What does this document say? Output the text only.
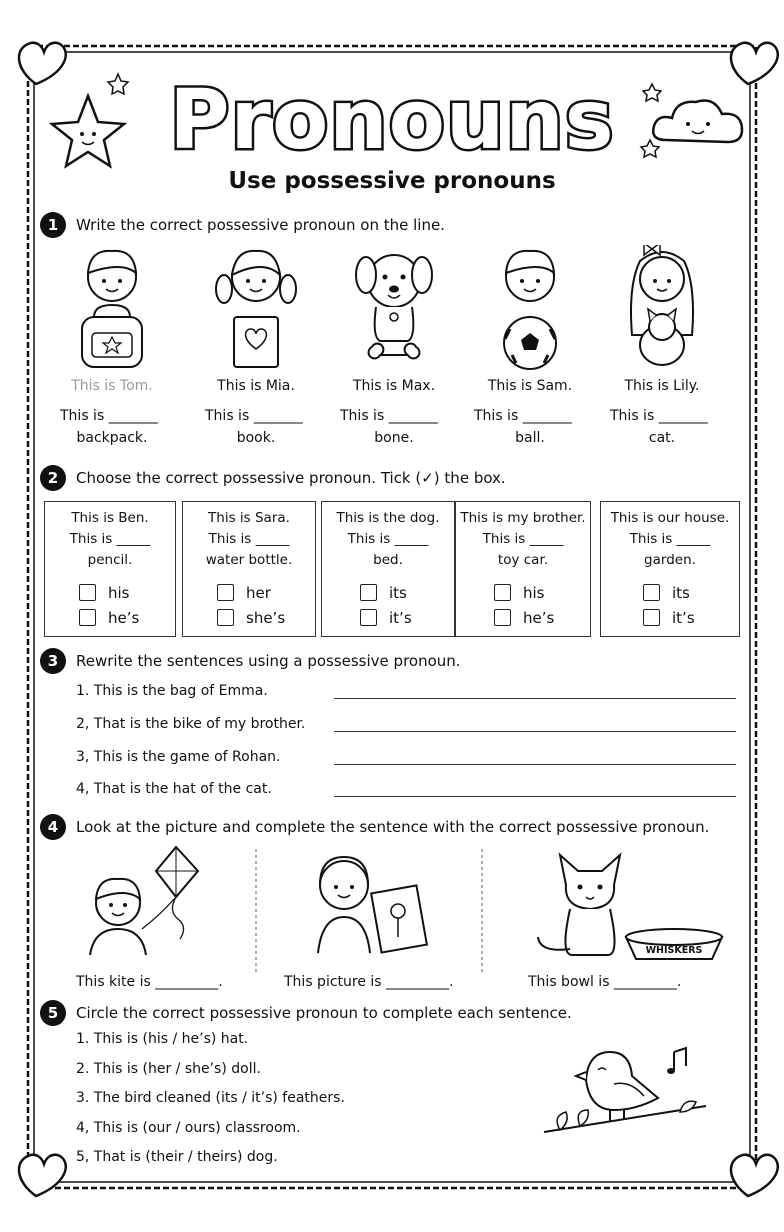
Pronouns
Use possessive pronouns
1	Write the correct possessive pronoun on the line.
This is Tom.	This is Mia.	This is Max.	This is Sam.	This is Lily.
This is _______	This is _______	This is _______	This is _______	This is _______
backpack.	book.	bone.	ball.	cat.
2	Choose the correct possessive pronoun. Tick (✓) the box.
This is Ben.
This is _____
pencil.
his
he’s
This is Sara.
This is _____
water bottle.
her
she’s
This is the dog.
This is _____
bed.
its
it’s
This is my brother.
This is _____
toy car.
his
he’s
This is our house.
This is _____
garden.
its
it’s
3	Rewrite the sentences using a possessive pronoun.
1. This is the bag of Emma.
2, That is the bike of my brother.
3, This is the game of Rohan.
4, That is the hat of the cat.
4	Look at the picture and complete the sentence with the correct possessive pronoun.
WHISKERS
This kite is _________.	This picture is _________.	This bowl is _________.
5	Circle the correct possessive pronoun to complete each sentence.
1. This is (his / he’s) hat.
2. This is (her / she’s) doll.
3. The bird cleaned (its / it’s) feathers.
4, This is (our / ours) classroom.
5, That is (their / theirs) dog.
